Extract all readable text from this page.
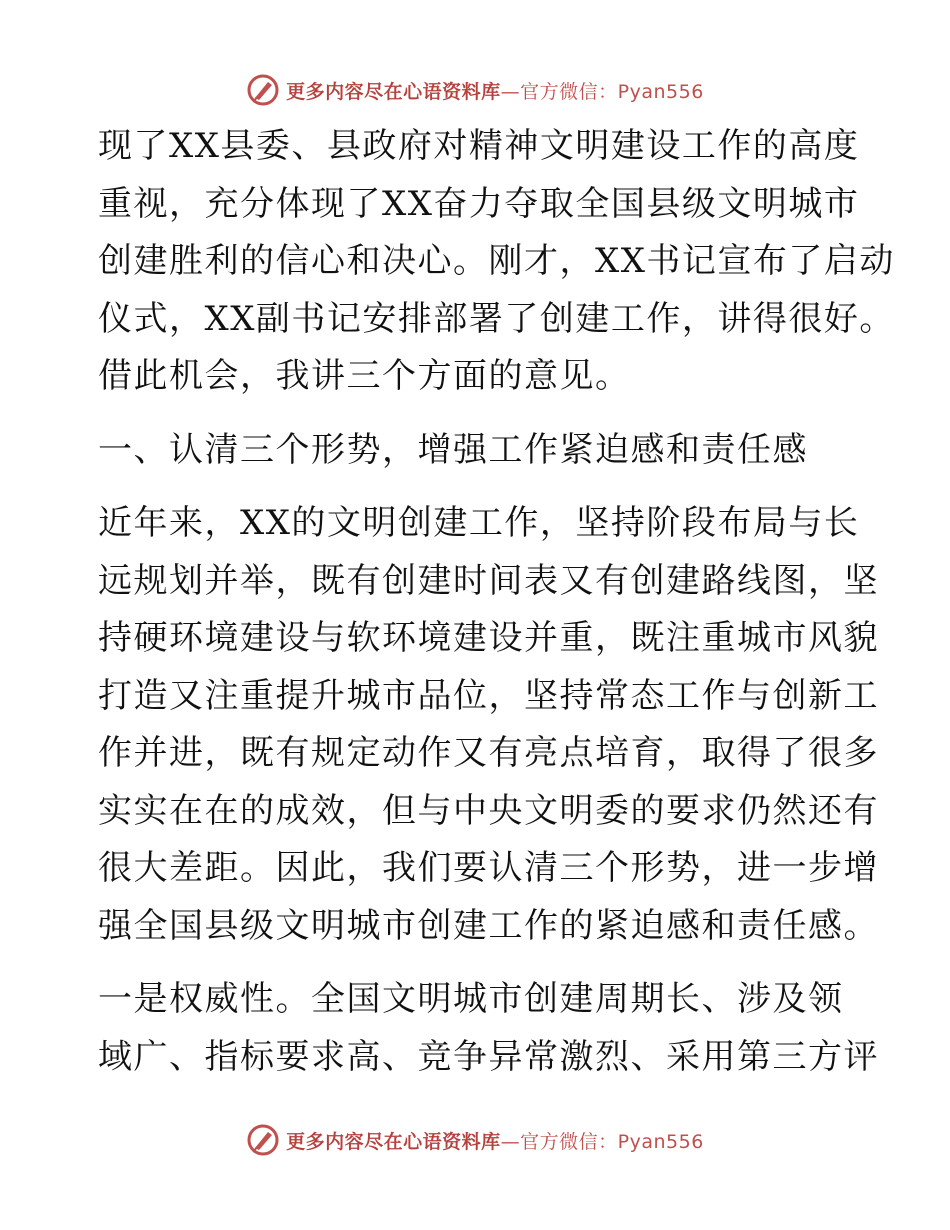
更多内容尽在心语资料库—官方微信：Pyan556
现了XX县委、县政府对精神文明建设工作的高度
重视，充分体现了XX奋力夺取全国县级文明城市
创建胜利的信心和决心。刚才，XX书记宣布了启动
仪式，XX副书记安排部署了创建工作，讲得很好。
借此机会，我讲三个方面的意见。
一、认清三个形势，增强工作紧迫感和责任感
近年来，XX的文明创建工作，坚持阶段布局与长
远规划并举，既有创建时间表又有创建路线图，坚
持硬环境建设与软环境建设并重，既注重城市风貌
打造又注重提升城市品位，坚持常态工作与创新工
作并进，既有规定动作又有亮点培育，取得了很多
实实在在的成效，但与中央文明委的要求仍然还有
很大差距。因此，我们要认清三个形势，进一步增
强全国县级文明城市创建工作的紧迫感和责任感。
一是权威性。全国文明城市创建周期长、涉及领
域广、指标要求高、竞争异常激烈、采用第三方评
更多内容尽在心语资料库—官方微信：Pyan556
